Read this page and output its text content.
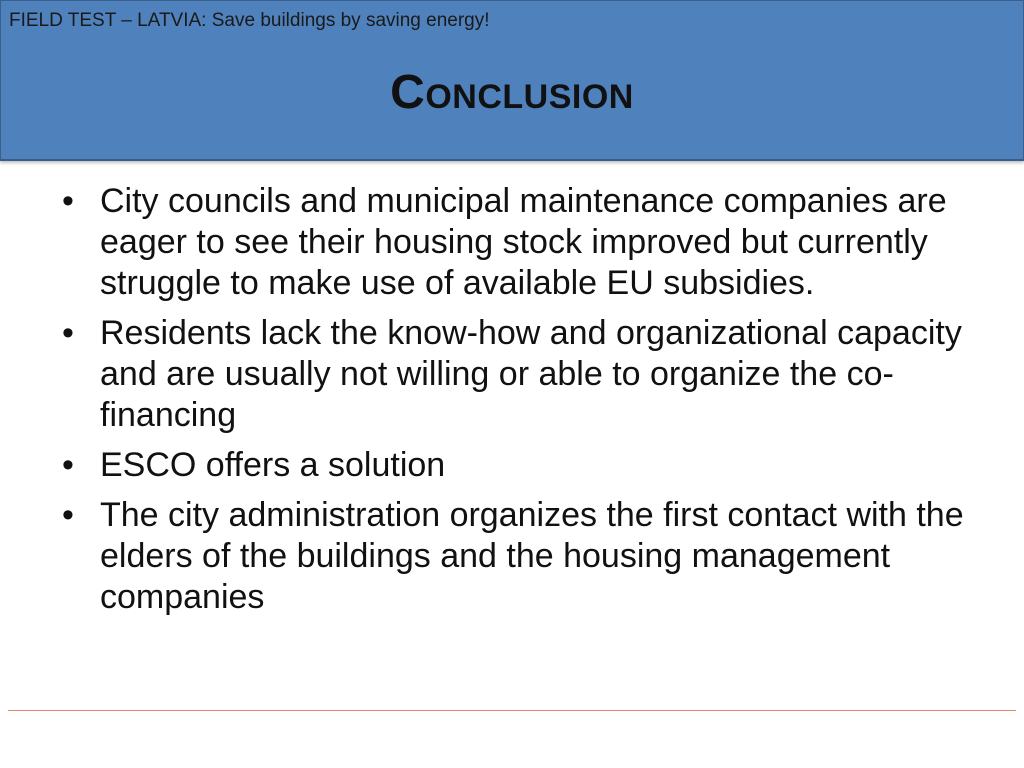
FIELD TEST – LATVIA: Save buildings by saving energy!
Conclusion
• City councils and municipal maintenance companies are eager to see their housing stock improved but currently struggle to make use of available EU subsidies.
• Residents lack the know-how and organizational capacity and are usually not willing or able to organize the co-financing
• ESCO offers a solution
• The city administration organizes the first contact with the elders of the buildings and the housing management companies
